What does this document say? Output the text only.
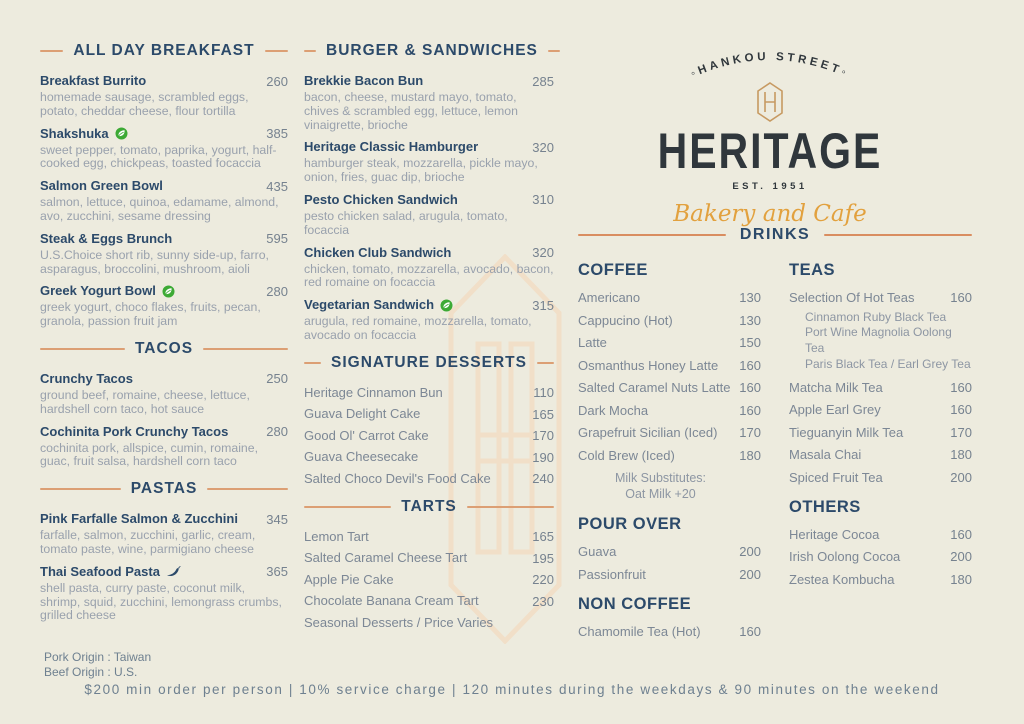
ALL DAY BREAKFAST
Breakfast Burrito	260
homemade sausage, scrambled eggs, potato, cheddar cheese, flour tortilla
Shakshuka	385
sweet pepper, tomato, paprika, yogurt, half-cooked egg, chickpeas, toasted focaccia
Salmon Green Bowl	435
salmon, lettuce, quinoa, edamame, almond, avo, zucchini, sesame dressing
Steak & Eggs Brunch	595
U.S.Choice short rib, sunny side-up, farro, asparagus, broccolini, mushroom, aioli
Greek Yogurt Bowl	280
greek yogurt, choco flakes, fruits, pecan, granola, passion fruit jam
TACOS
Crunchy Tacos	250
ground beef, romaine, cheese, lettuce, hardshell corn taco, hot sauce
Cochinita Pork Crunchy Tacos	280
cochinita pork, allspice, cumin, romaine, guac, fruit salsa, hardshell corn taco
PASTAS
Pink Farfalle Salmon & Zucchini 345
farfalle, salmon, zucchini, garlic, cream, tomato paste, wine, parmigiano cheese
Thai Seafood Pasta	365
shell pasta, curry paste, coconut milk, shrimp, squid, zucchini, lemongrass crumbs, grilled cheese
BURGER & SANDWICHES
Brekkie Bacon Bun	285
bacon, cheese, mustard mayo, tomato, chives & scrambled egg, lettuce, lemon vinaigrette, brioche
Heritage Classic Hamburger	320
hamburger steak, mozzarella, pickle mayo, onion, fries, guac dip, brioche
Pesto Chicken Sandwich	310
pesto chicken salad, arugula, tomato, focaccia
Chicken Club Sandwich	320
chicken, tomato, mozzarella, avocado, bacon, red romaine on focaccia
Vegetarian Sandwich	315
arugula, red romaine, mozzarella, tomato, avocado on focaccia
SIGNATURE DESSERTS
Heritage Cinnamon Bun	110
Guava Delight Cake	165
Good Ol' Carrot Cake	170
Guava Cheesecake	190
Salted Choco Devil's Food Cake	240
TARTS
Lemon Tart	165
Salted Caramel Cheese Tart	195
Apple Pie Cake	220
Chocolate Banana Cream Tart	230
Seasonal Desserts / Price Varies
◦HANKOU STREET◦
HERITAGE
EST. 1951
Bakery and Cafe
DRINKS
COFFEE
Americano	130
Cappucino (Hot)	130
Latte	150
Osmanthus Honey Latte 160
Salted Caramel Nuts Latte 160
Dark Mocha	160
Grapefruit Sicilian (Iced) 170
Cold Brew (Iced)	180
Milk Substitutes:
Oat Milk +20
POUR OVER
Guava	200
Passionfruit	200
NON COFFEE
Chamomile Tea (Hot)	160
TEAS
Selection Of Hot Teas	160
Cinnamon Ruby Black Tea
Port Wine Magnolia Oolong Tea
Paris Black Tea / Earl Grey Tea
Matcha Milk Tea	160
Apple Earl Grey	160
Tieguanyin Milk Tea	170
Masala Chai	180
Spiced Fruit Tea	200
OTHERS
Heritage Cocoa	160
Irish Oolong Cocoa	200
Zestea Kombucha	180
Pork Origin : Taiwan
Beef Origin : U.S.
$200 min order per person | 10% service charge | 120 minutes during the weekdays & 90 minutes on the weekend
